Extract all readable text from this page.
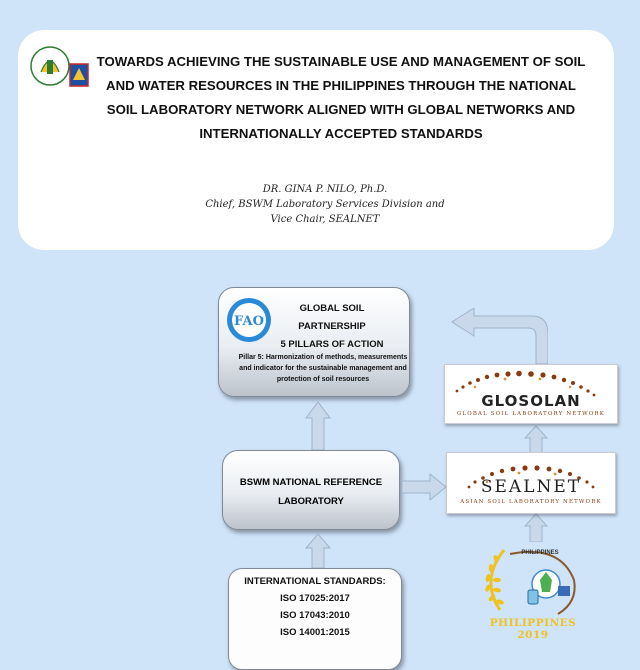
TOWARDS ACHIEVING THE SUSTAINABLE USE AND MANAGEMENT OF SOIL AND WATER RESOURCES IN THE PHILIPPINES THROUGH THE NATIONAL SOIL LABORATORY NETWORK ALIGNED WITH GLOBAL NETWORKS AND INTERNATIONALLY ACCEPTED STANDARDS
DR. GINA P. NILO, Ph.D.
Chief, BSWM Laboratory Services Division and
Vice Chair, SEALNET
FAO
GLOBAL SOIL PARTNERSHIP
5 PILLARS OF ACTION
Pillar 5: Harmonization of methods, measurements and indicator for the sustainable management and protection of soil resources
BSWM NATIONAL REFERENCE
LABORATORY
INTERNATIONAL STANDARDS:
ISO 17025:2017
ISO 17043:2010
ISO 14001:2015
GLOSOLAN
GLOBAL SOIL LABORATORY NETWORK
SEALNET
ASIAN SOIL LABORATORY NETWORK
PHILIPPINES
PHILIPPINES 2019
